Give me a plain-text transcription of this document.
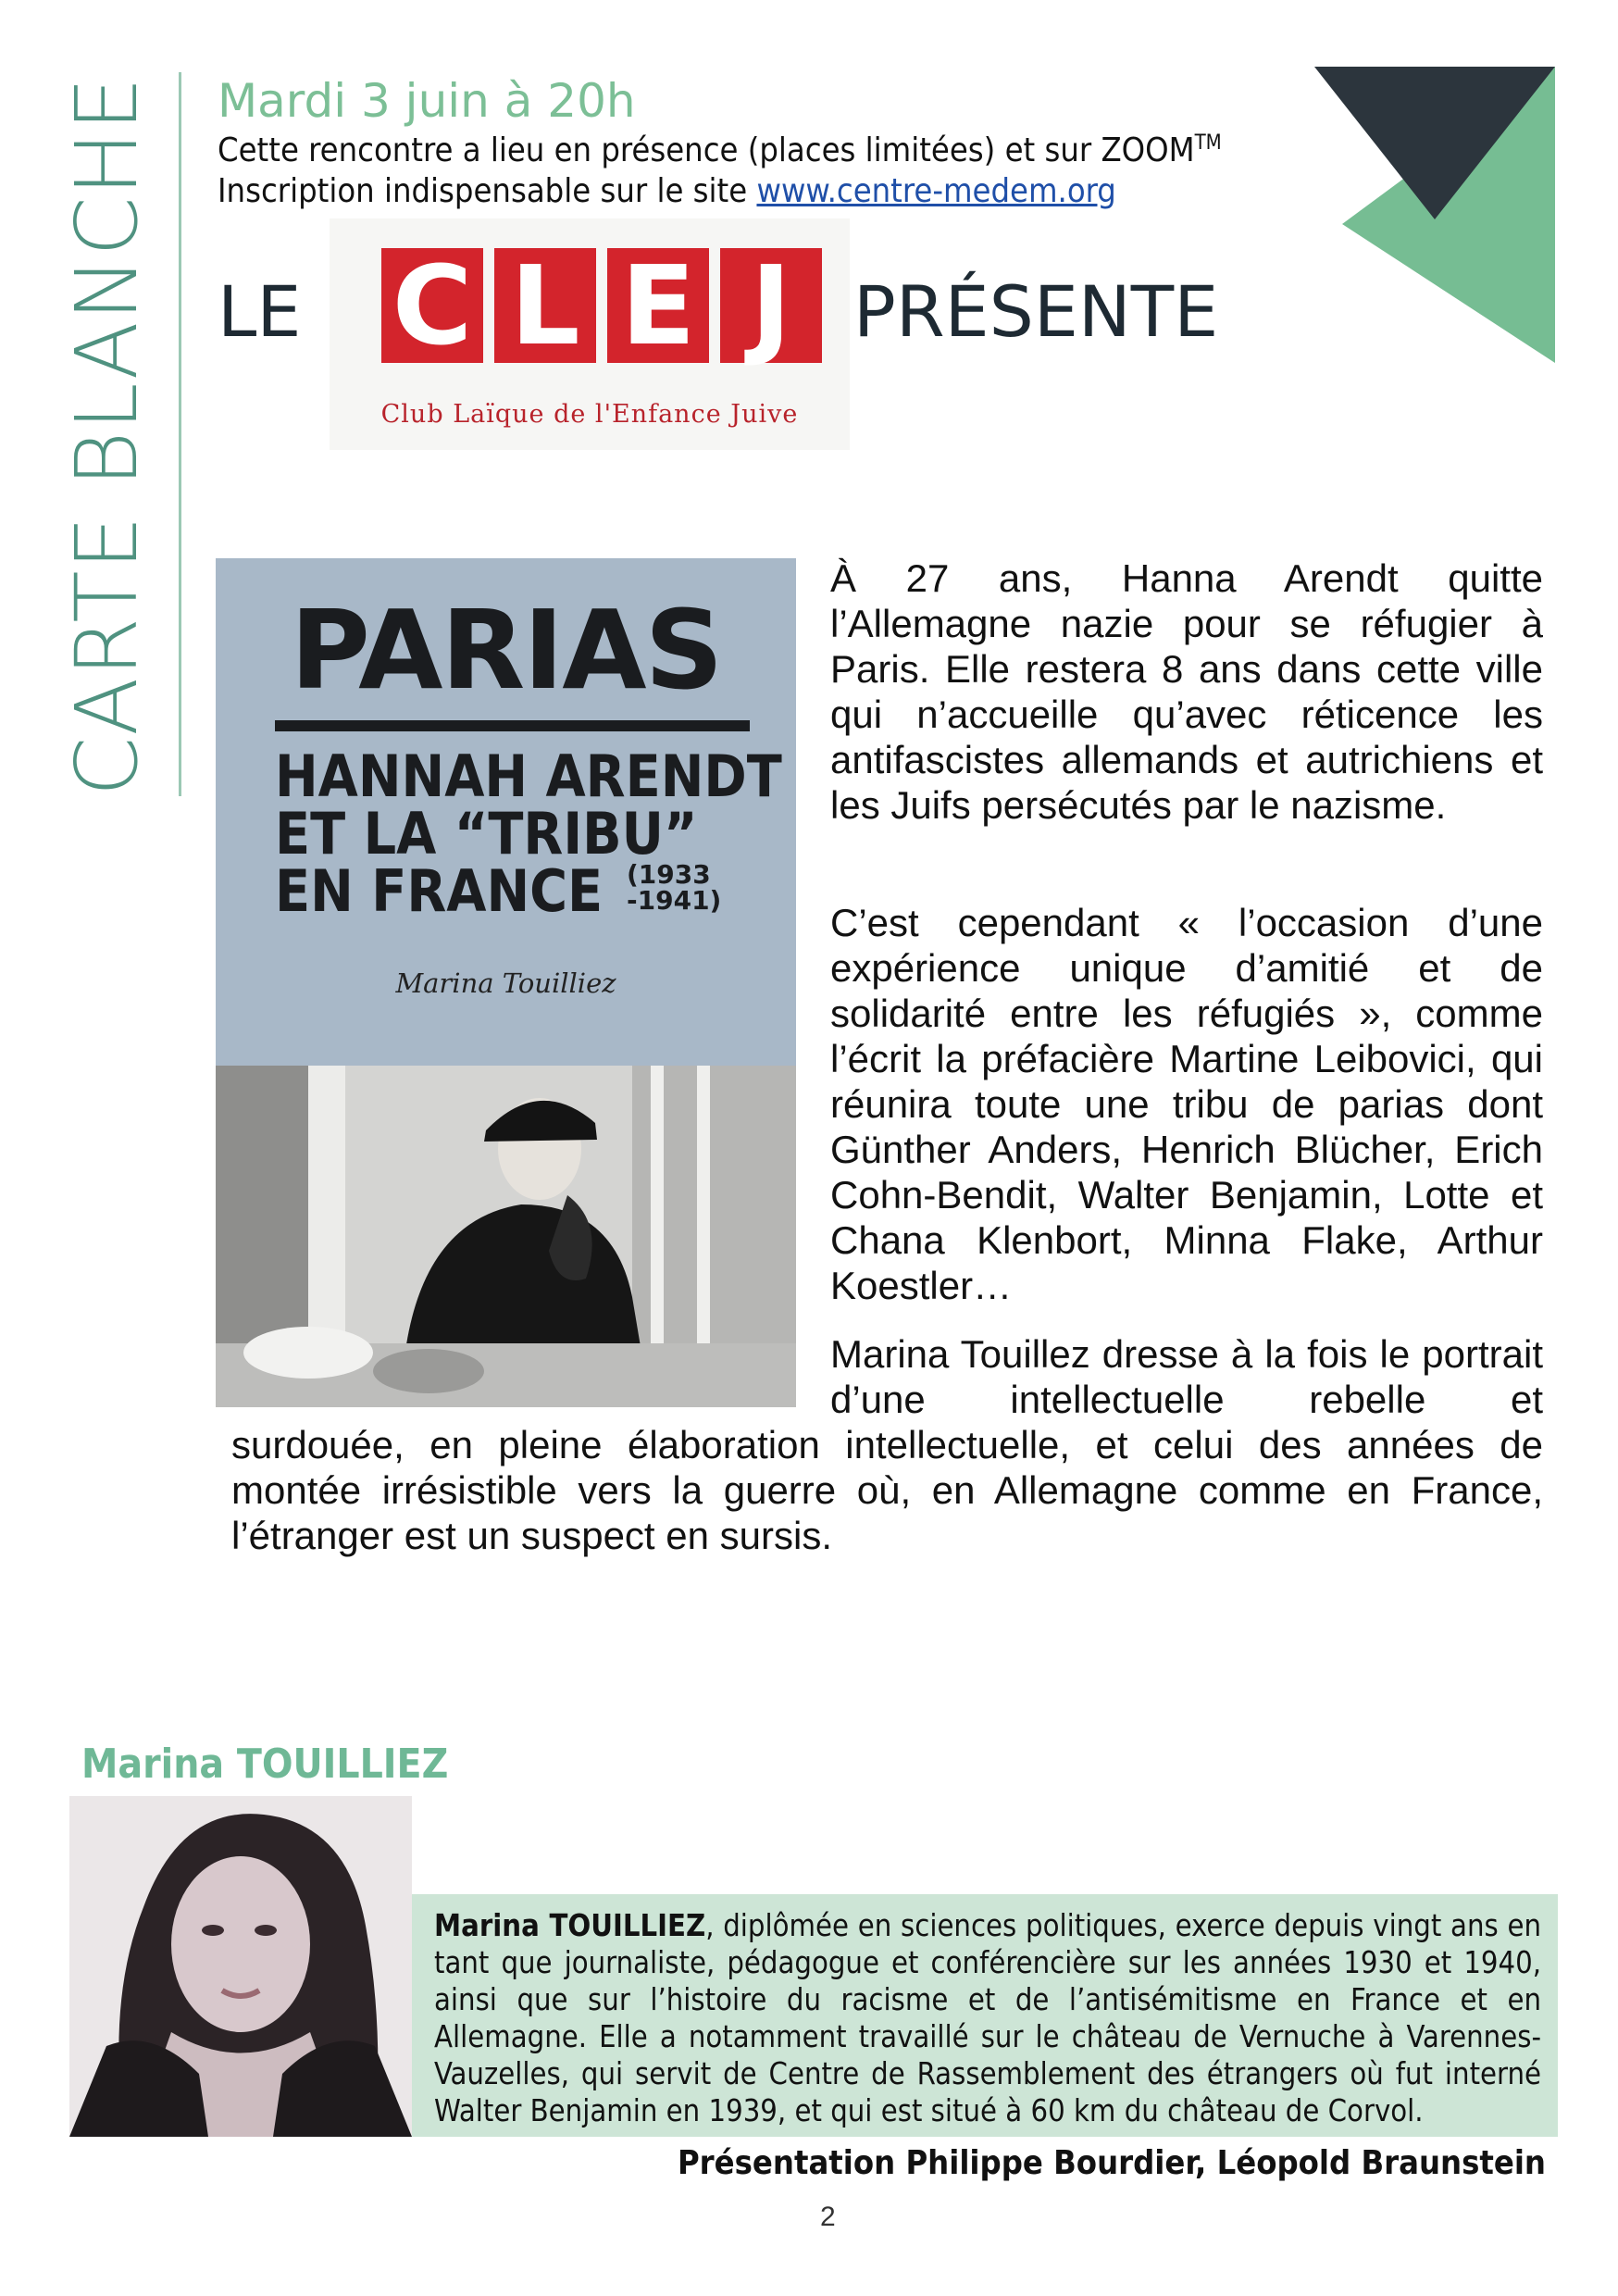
CARTE BLANCHE Mardi 3 juin à 20h
Cette rencontre a lieu en présence (places limitées) et sur ZOOM™
Inscription indispensable sur le site www.centre-medem.org
LE C L E J
Club Laïque de l'Enfance Juive
PRÉSENTE
PARIAS
HANNAH ARENDT
ET LA “TRIBU”
EN FRANCE (1933
-1941)
Marina Touilliez

À 27 ans, Hanna Arendt quitte l’Allemagne nazie pour se réfugier à Paris. Elle restera 8 ans dans cette ville qui n’accueille qu’avec réticence les antifascistes allemands et autrichiens et les Juifs persécutés par le nazisme.

C’est cependant « l’occasion d’une expérience unique d’amitié et de solidarité entre les réfugiés », comme l’écrit la préfacière Martine Leibovici, qui réunira toute une tribu de parias dont Günther Anders, Henrich Blücher, Erich Cohn-Bendit, Walter Benjamin, Lotte et Chana Klenbort, Minna Flake, Arthur Koestler…

Marina Touillez dresse à la fois le portrait d’une intellectuelle rebelle et

surdouée, en pleine élaboration intellectuelle, et celui des années de montée irrésistible vers la guerre où, en Allemagne comme en France, l’étranger est un suspect en sursis.

Marina TOUILLIEZ

Marina TOUILLIEZ, diplômée en sciences politiques, exerce depuis vingt ans en tant que journaliste, pédagogue et conférencière sur les années 1930 et 1940, ainsi que sur l’histoire du racisme et de l’antisémitisme en France et en Allemagne. Elle a notamment travaillé sur le château de Vernuche à Varennes-Vauzelles, qui servit de Centre de Rassemblement des étrangers où fut interné Walter Benjamin en 1939, et qui est situé à 60 km du château de Corvol.

Présentation Philippe Bourdier, Léopold Braunstein
2
